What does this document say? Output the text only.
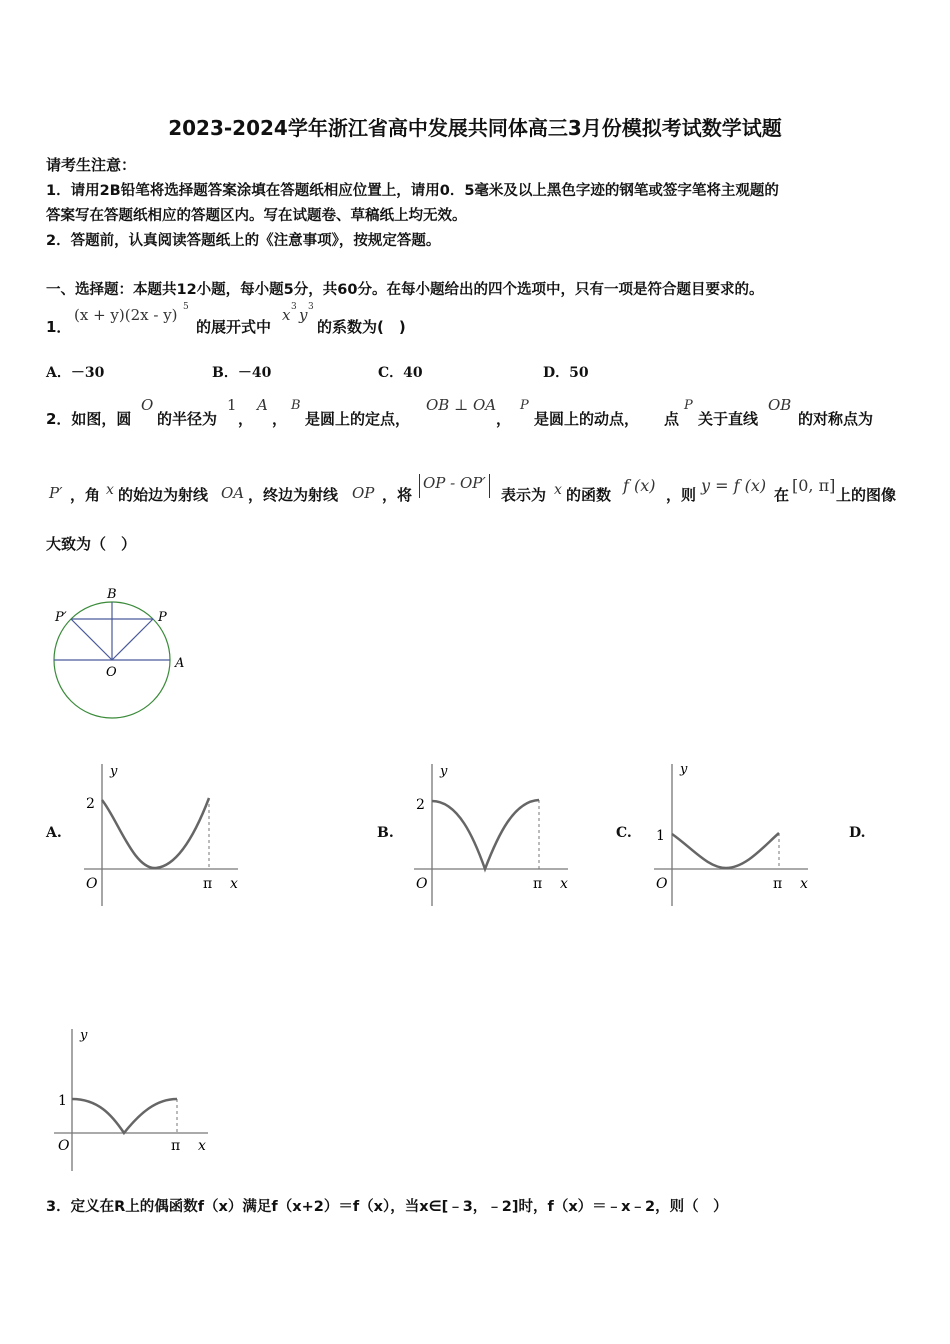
2023-2024学年浙江省高中发展共同体高三3月份模拟考试数学试题
请考生注意：
1．请用2B铅笔将选择题答案涂填在答题纸相应位置上，请用0．5毫米及以上黑色字迹的钢笔或签字笔将主观题的
答案写在答题纸相应的答题区内。写在试题卷、草稿纸上均无效。
2．答题前，认真阅读答题纸上的《注意事项》，按规定答题。
一、选择题：本题共12小题，每小题5分，共60分。在每小题给出的四个选项中，只有一项是符合题目要求的。
1．
(x + y)(2x - y) 5
的展开式中
x 3 y 3
的系数为(　)
A．－30	B．－40	C．40	D．50
2．如图，圆
O
的半径为
1
，
A
，
B
是圆上的定点，
OB ⊥ OA
，
P
是圆上的动点， 点
P
关于直线
OB
的对称点为
P′ ，角 x 的始边为射线 OA ，终边为射线 OP ，将
OP - OP′
表示为 x 的函数 f (x) ，则 y = f (x) 在 [0, π] 上的图像
大致为（　）
B
P′	P
O
A
A.	B.	C.	D.
y
2
O	π x
y
2
O	π x
y
1
O	π x
y
1
O	π x
3．定义在R上的偶函数f（x）满足f（x+2）＝f（x），当x∈[﹣3，﹣2]时，f（x）＝﹣x﹣2，则（　）
